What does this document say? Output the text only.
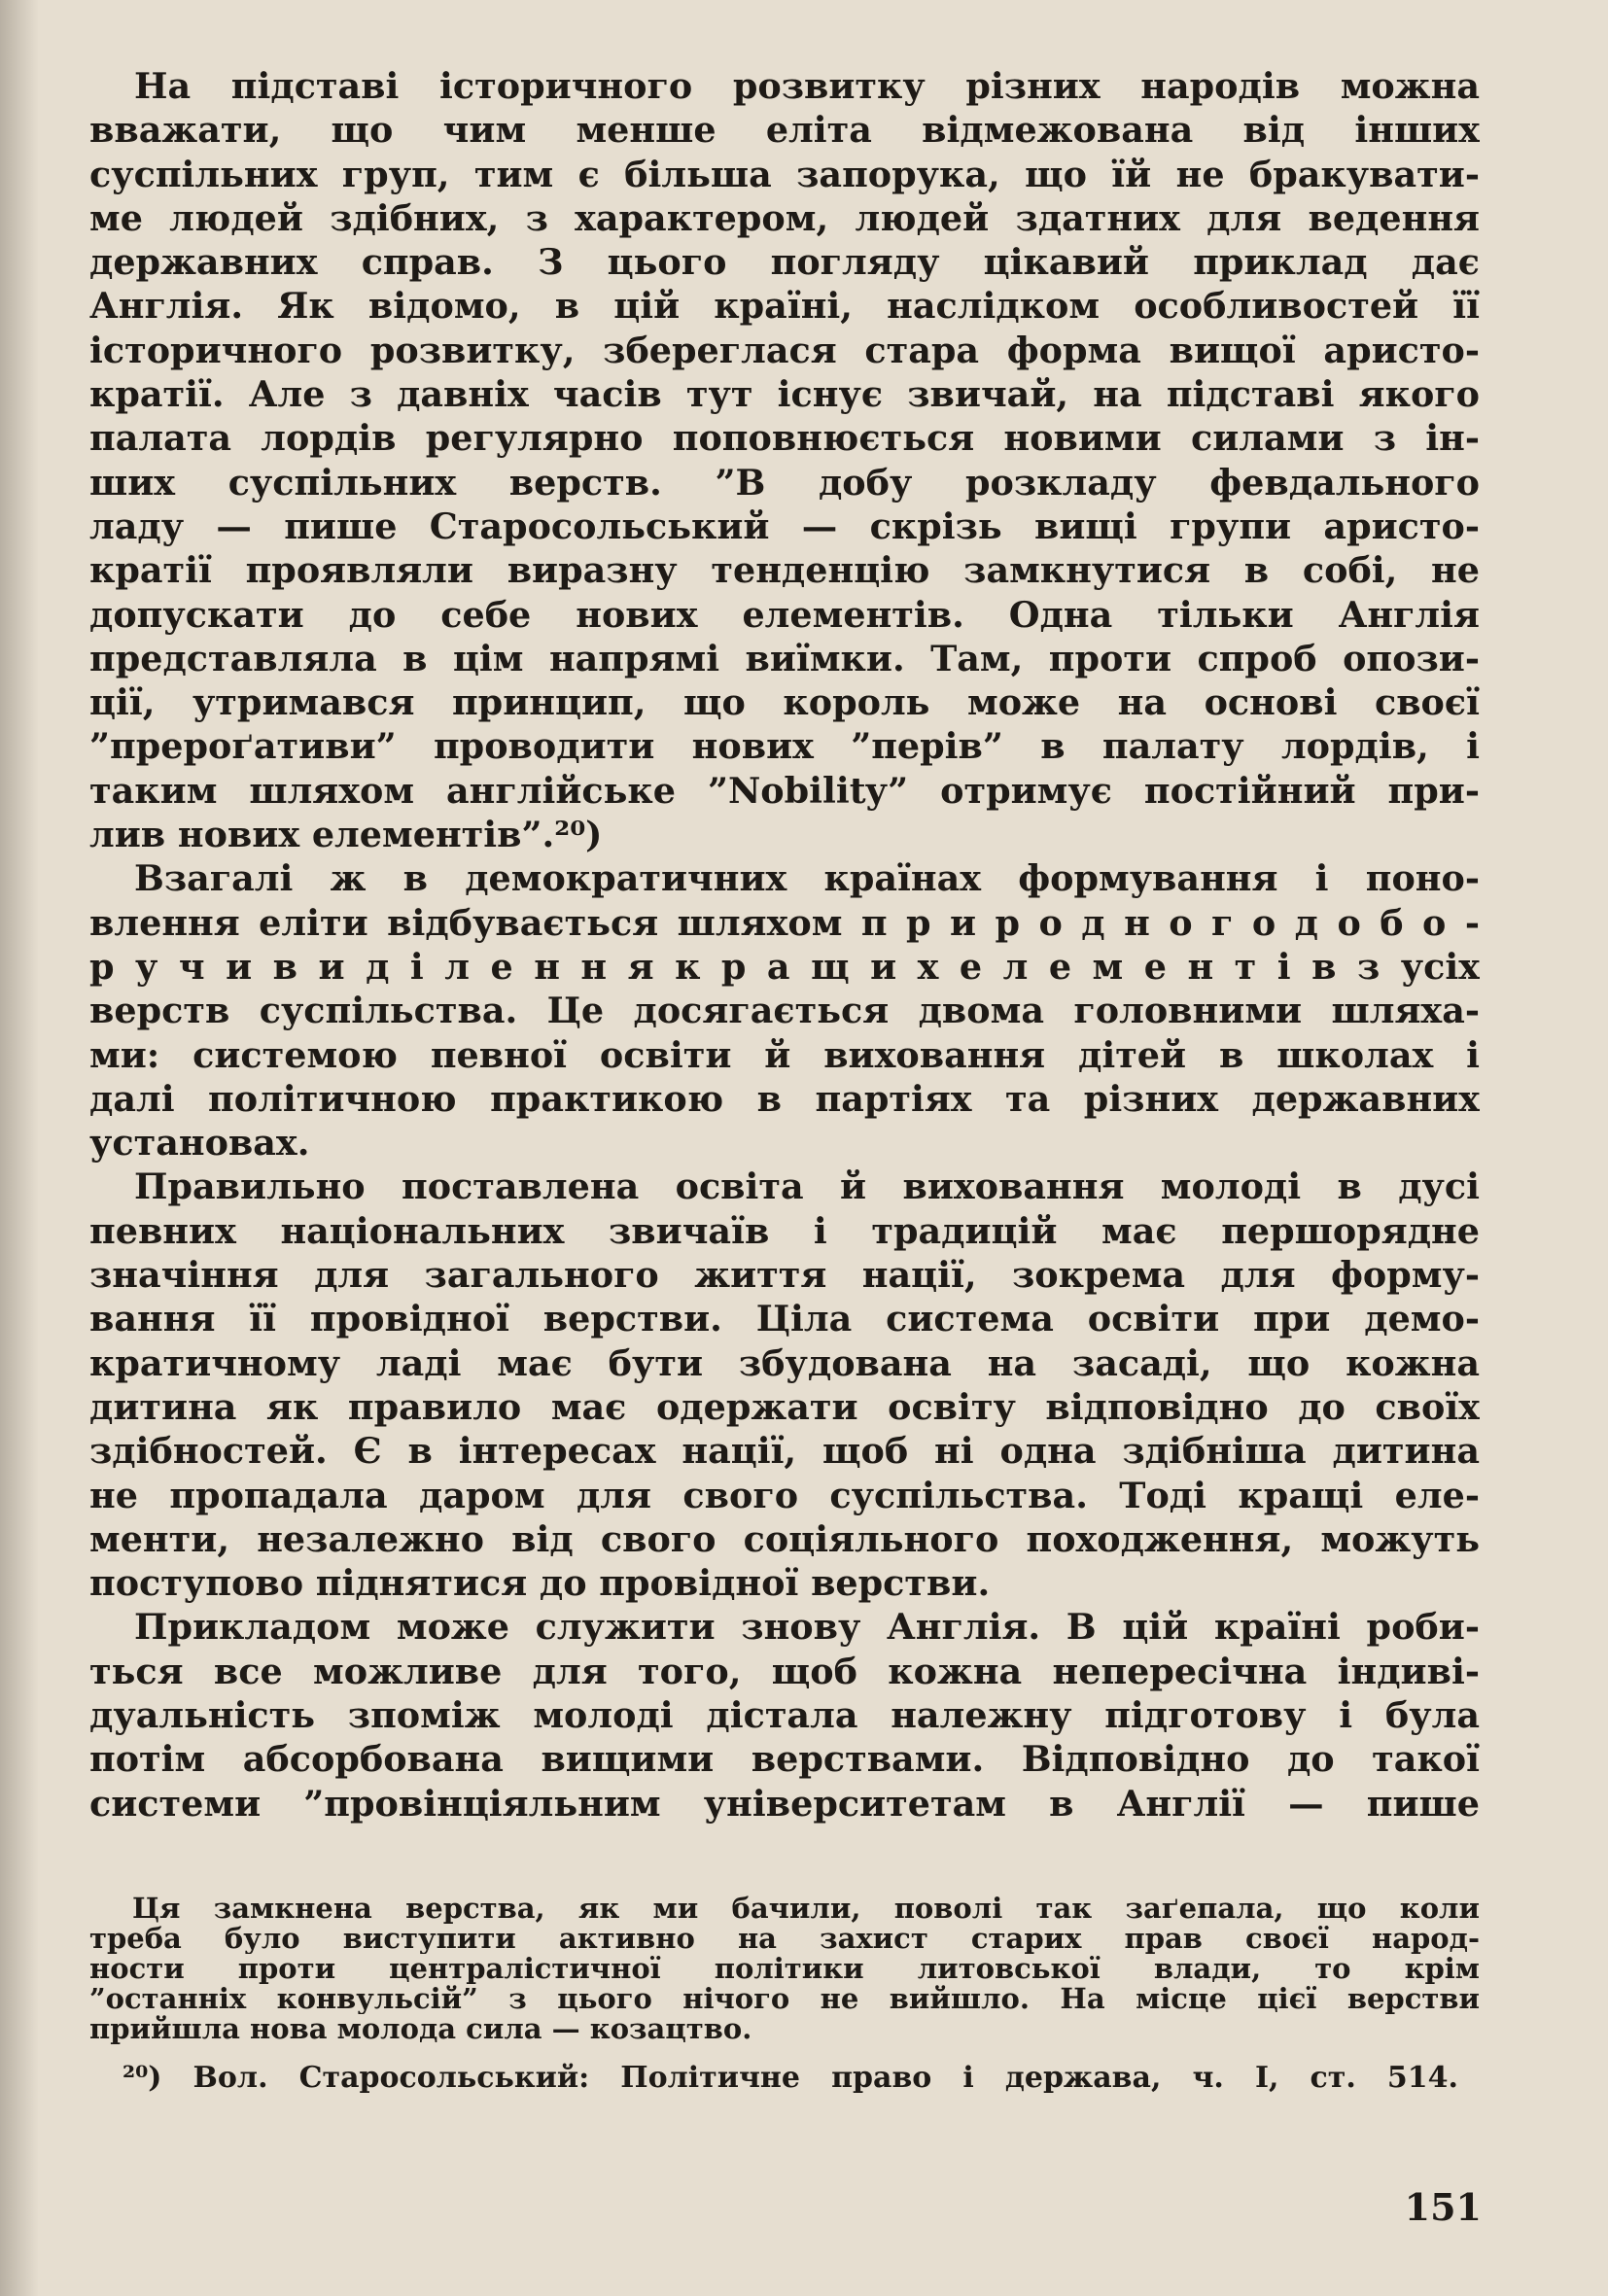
На підставі історичного розвитку різних народів можна
вважати, що чим менше еліта відмежована від інших
суспільних груп, тим є більша запорука, що їй не бракувати-
ме людей здібних, з характером, людей здатних для ведення
державних справ. З цього погляду цікавий приклад дає
Англія. Як відомо, в цій країні, наслідком особливостей її
історичного розвитку, збереглася стара форма вищої аристо-
кратії. Але з давніх часів тут існує звичай, на підставі якого
палата лордів регулярно поповнюється новими силами з ін-
ших суспільних верств. ”В добу розкладу февдального
ладу — пише Старосольський — скрізь вищі групи аристо-
кратії проявляли виразну тенденцію замкнутися в собі, не
допускати до себе нових елементів. Одна тільки Англія
представляла в цім напрямі виїмки. Там, проти спроб опози-
ції, утримався принцип, що король може на основі своєї
”прероґативи” проводити нових ”перів” в палату лордів, і
таким шляхом англійське ”Nobility” отримує постійний при-
лив нових елементів”.²⁰)
Взагалі ж в демократичних країнах формування і поно-
влення еліти відбувається шляхом п р и р о д н о г о д о б о -
р у ч и в и д і л е н н я к р а щ и х е л е м е н т і в з усіх
верств суспільства. Це досягається двома головними шляха-
ми: системою певної освіти й виховання дітей в школах і
далі політичною практикою в партіях та різних державних
установах.
Правильно поставлена освіта й виховання молоді в дусі
певних національних звичаїв і традицій має першорядне
значіння для загального життя нації, зокрема для форму-
вання її провідної верстви. Ціла система освіти при демо-
кратичному ладі має бути збудована на засаді, що кожна
дитина як правило має одержати освіту відповідно до своїх
здібностей. Є в інтересах нації, щоб ні одна здібніша дитина
не пропадала даром для свого суспільства. Тоді кращі еле-
менти, незалежно від свого соціяльного походження, можуть
поступово піднятися до провідної верстви.
Прикладом може служити знову Англія. В цій країні роби-
ться все можливе для того, щоб кожна непересічна індиві-
дуальність зпоміж молоді дістала належну підготову і була
потім абсорбована вищими верствами. Відповідно до такої
системи ”провінціяльним університетам в Англії — пише
Ця замкнена верства, як ми бачили, поволі так заґепала, що коли
треба було виступити активно на захист старих прав своєї народ-
ности проти централістичної політики литовської влади, то крім
”останніх конвульсій” з цього нічого не вийшло. На місце цієї верстви
прийшла нова молода сила — козацтво.
²⁰) Вол. Старосольський: Політичне право і держава, ч. I, ст. 514.
151
